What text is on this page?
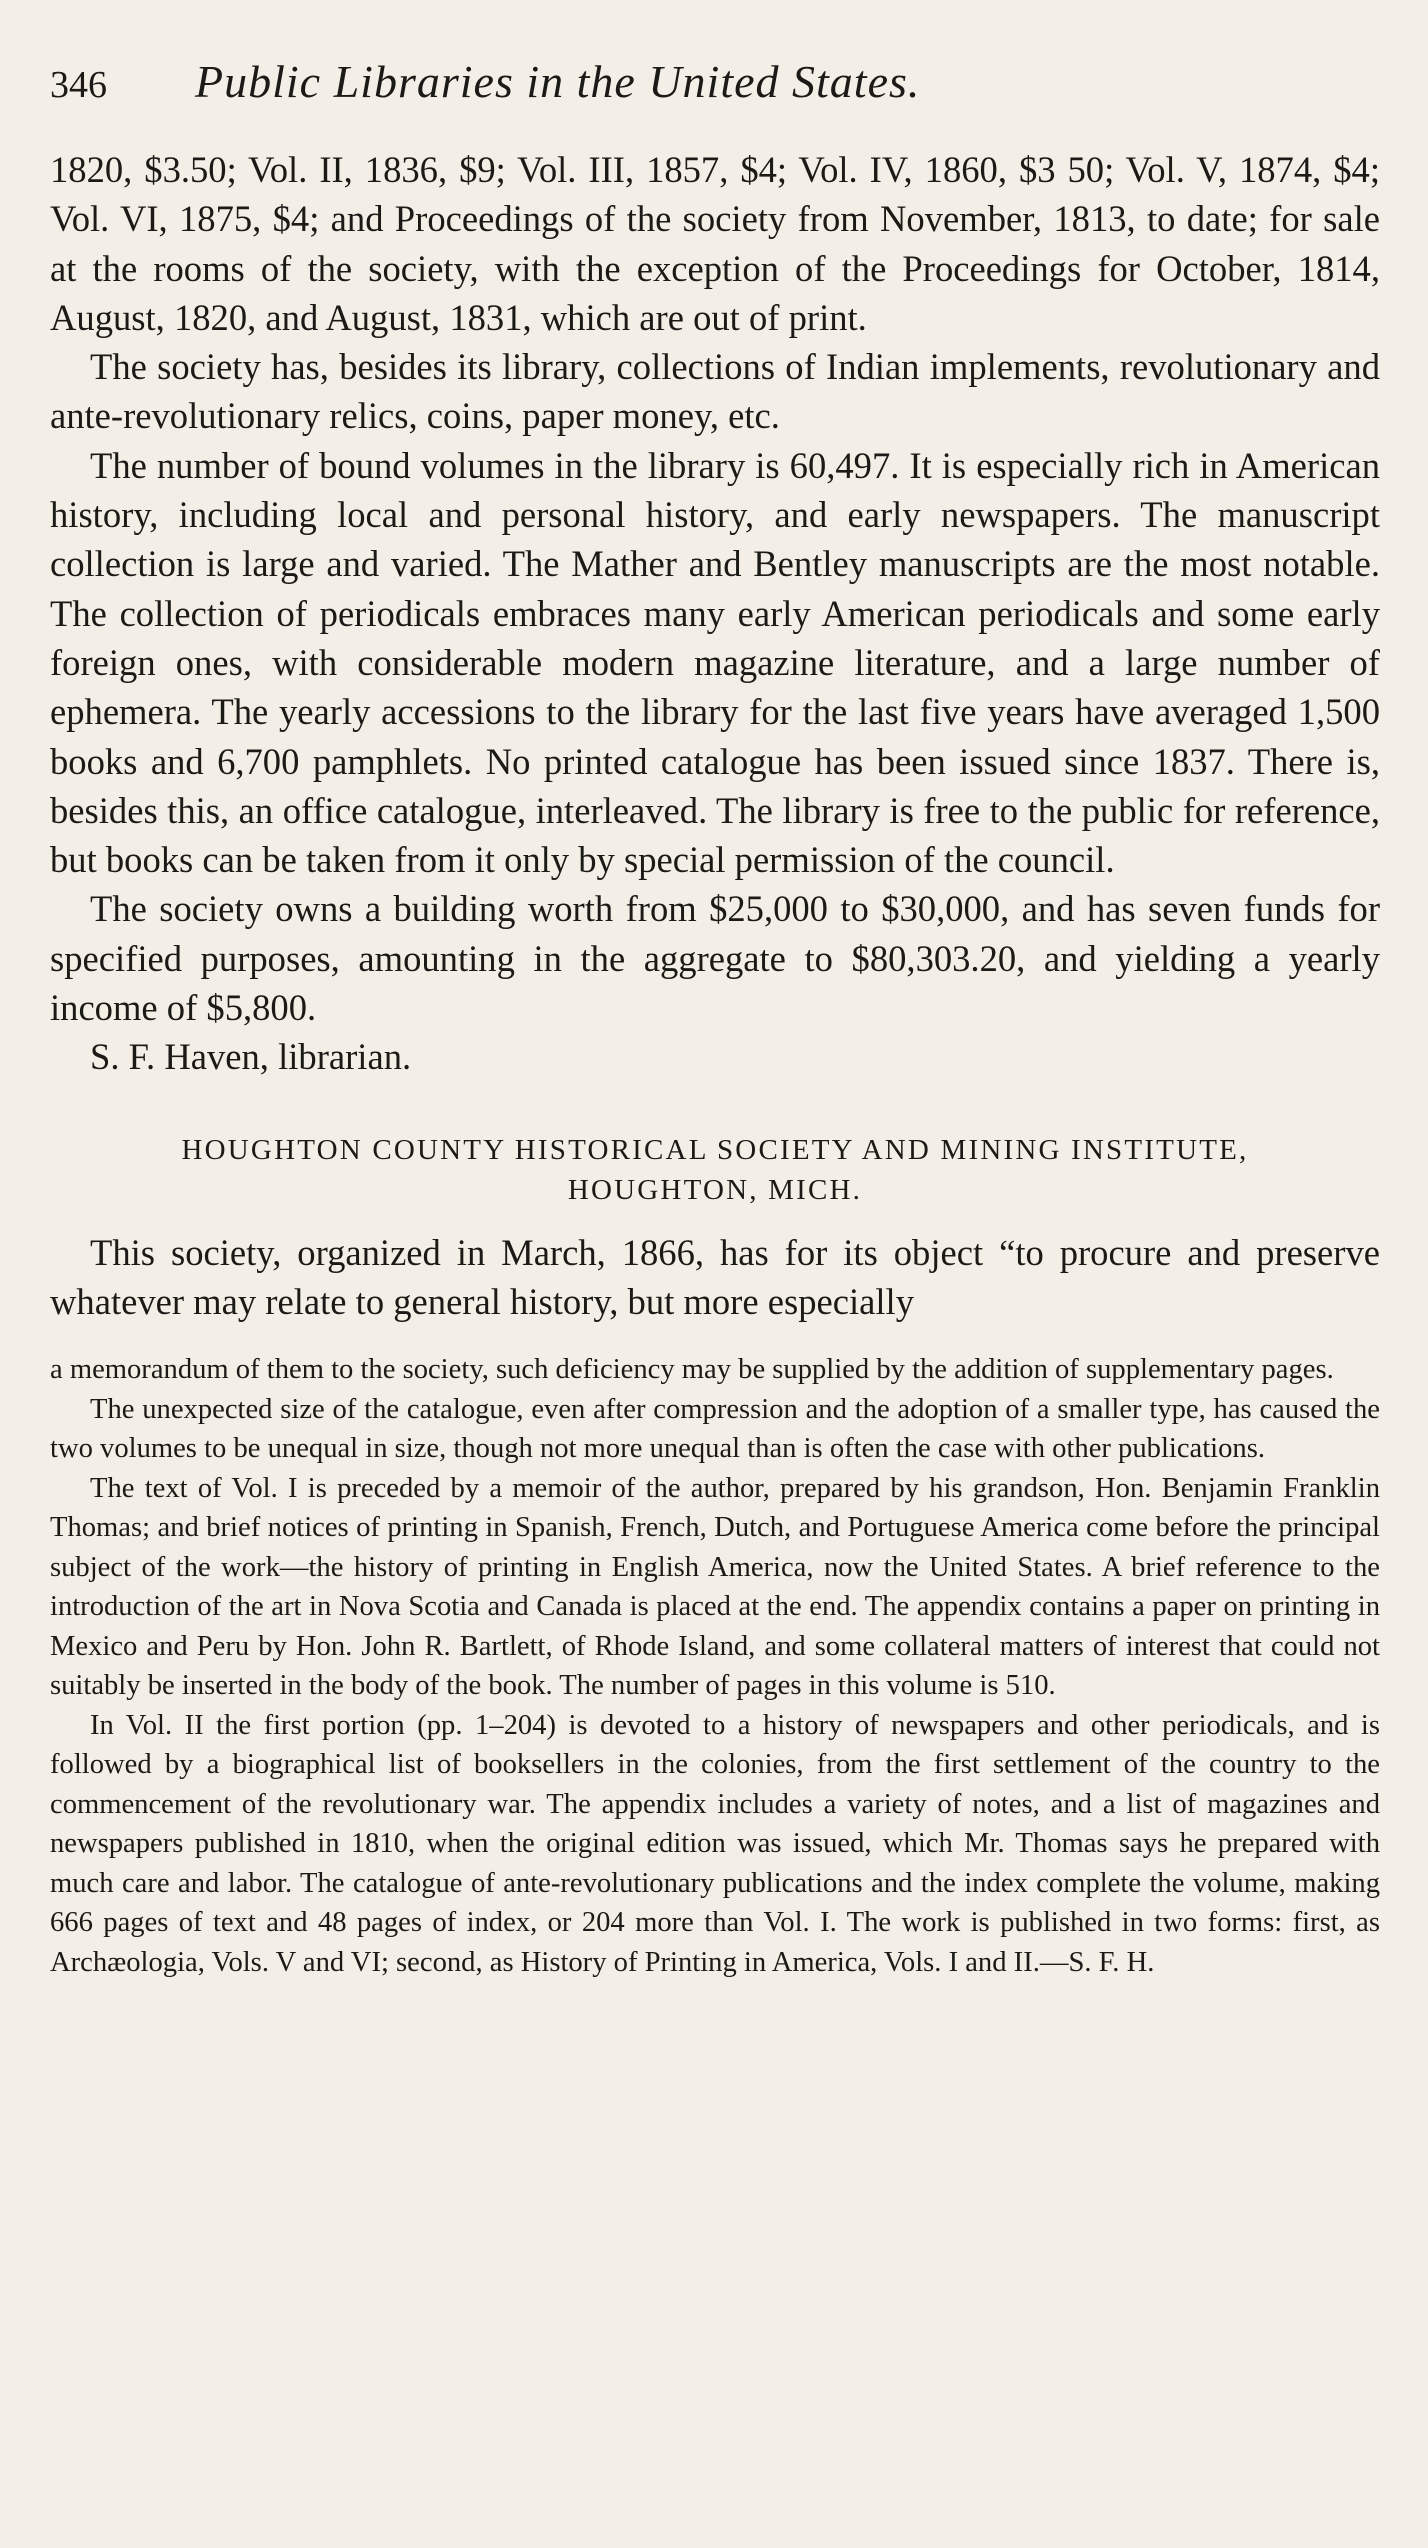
346	Public Libraries in the United States.

1820, $3.50; Vol. II, 1836, $9; Vol. III, 1857, $4; Vol. IV, 1860, $3 50; Vol. V, 1874, $4; Vol. VI, 1875, $4; and Proceedings of the society from November, 1813, to date; for sale at the rooms of the society, with the exception of the Proceedings for October, 1814, August, 1820, and August, 1831, which are out of print.

The society has, besides its library, collections of Indian implements, revolutionary and ante-revolutionary relics, coins, paper money, etc.

The number of bound volumes in the library is 60,497. It is especially rich in American history, including local and personal history, and early newspapers. The manuscript collection is large and varied. The Mather and Bentley manuscripts are the most notable. The collection of periodicals embraces many early American periodicals and some early foreign ones, with considerable modern magazine literature, and a large number of ephemera. The yearly accessions to the library for the last five years have averaged 1,500 books and 6,700 pamphlets. No printed catalogue has been issued since 1837. There is, besides this, an office catalogue, interleaved. The library is free to the public for reference, but books can be taken from it only by special permission of the council.

The society owns a building worth from $25,000 to $30,000, and has seven funds for specified purposes, amounting in the aggregate to $80,303.20, and yielding a yearly income of $5,800.

S. F. Haven, librarian.

HOUGHTON COUNTY HISTORICAL SOCIETY AND MINING INSTITUTE,
HOUGHTON, MICH.

This society, organized in March, 1866, has for its object “to procure and preserve whatever may relate to general history, but more especially

a memorandum of them to the society, such deficiency may be supplied by the addition of supplementary pages.

The unexpected size of the catalogue, even after compression and the adoption of a smaller type, has caused the two volumes to be unequal in size, though not more unequal than is often the case with other publications.

The text of Vol. I is preceded by a memoir of the author, prepared by his grandson, Hon. Benjamin Franklin Thomas; and brief notices of printing in Spanish, French, Dutch, and Portuguese America come before the principal subject of the work—the history of printing in English America, now the United States. A brief reference to the introduction of the art in Nova Scotia and Canada is placed at the end. The appendix contains a paper on printing in Mexico and Peru by Hon. John R. Bartlett, of Rhode Island, and some collateral matters of interest that could not suitably be inserted in the body of the book. The number of pages in this volume is 510.

In Vol. II the first portion (pp. 1–204) is devoted to a history of newspapers and other periodicals, and is followed by a biographical list of booksellers in the colonies, from the first settlement of the country to the commencement of the revolutionary war. The appendix includes a variety of notes, and a list of magazines and newspapers published in 1810, when the original edition was issued, which Mr. Thomas says he prepared with much care and labor. The catalogue of ante-revolutionary publications and the index complete the volume, making 666 pages of text and 48 pages of index, or 204 more than Vol. I. The work is published in two forms: first, as Archæologia, Vols. V and VI; second, as History of Printing in America, Vols. I and II.—S. F. H.
